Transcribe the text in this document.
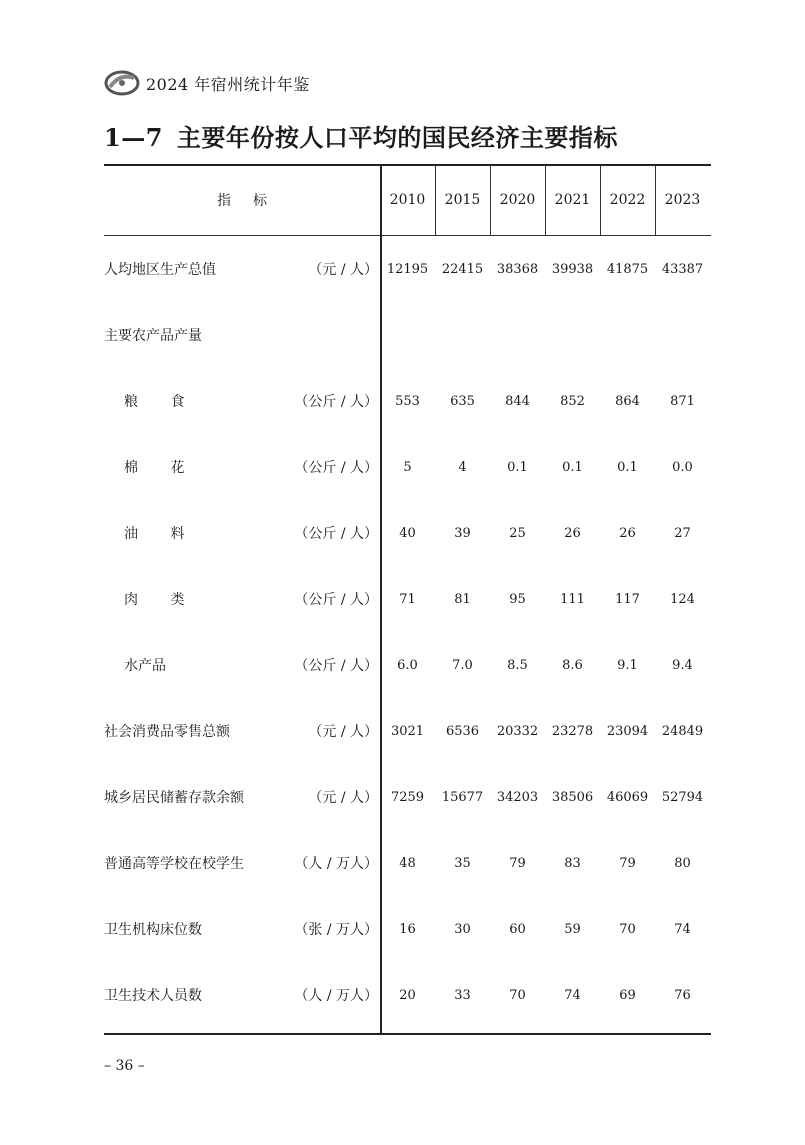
2024 年宿州统计年鉴
1—7 主要年份按人口平均的国民经济主要指标
指标	2010	2015	2020	2021	2022	2023
人均地区生产总值	（元 / 人） 12195	22415	38368	39938	41875	43387
主要农产品产量
粮 食	（公斤 / 人）	553	635	844	852	864	871
棉 花	（公斤 / 人）	5	4	0.1	0.1	0.1	0.0
油 料	（公斤 / 人）	40	39	25	26	26	27
肉 类	（公斤 / 人）	71	81	95	111	117	124
水产品	（公斤 / 人）	6.0	7.0	8.5	8.6	9.1	9.4
社会消费品零售总额	（元 / 人） 3021	6536	20332	23278	23094	24849
城乡居民储蓄存款余额	（元 / 人） 7259	15677	34203	38506	46069	52794
普通高等学校在校学生	（人 / 万人）	48	35	79	83	79	80
卫生机构床位数	（张 / 万人）	16	30	60	59	70	74
卫生技术人员数	（人 / 万人）	20	33	70	74	69	76
– 36 –
